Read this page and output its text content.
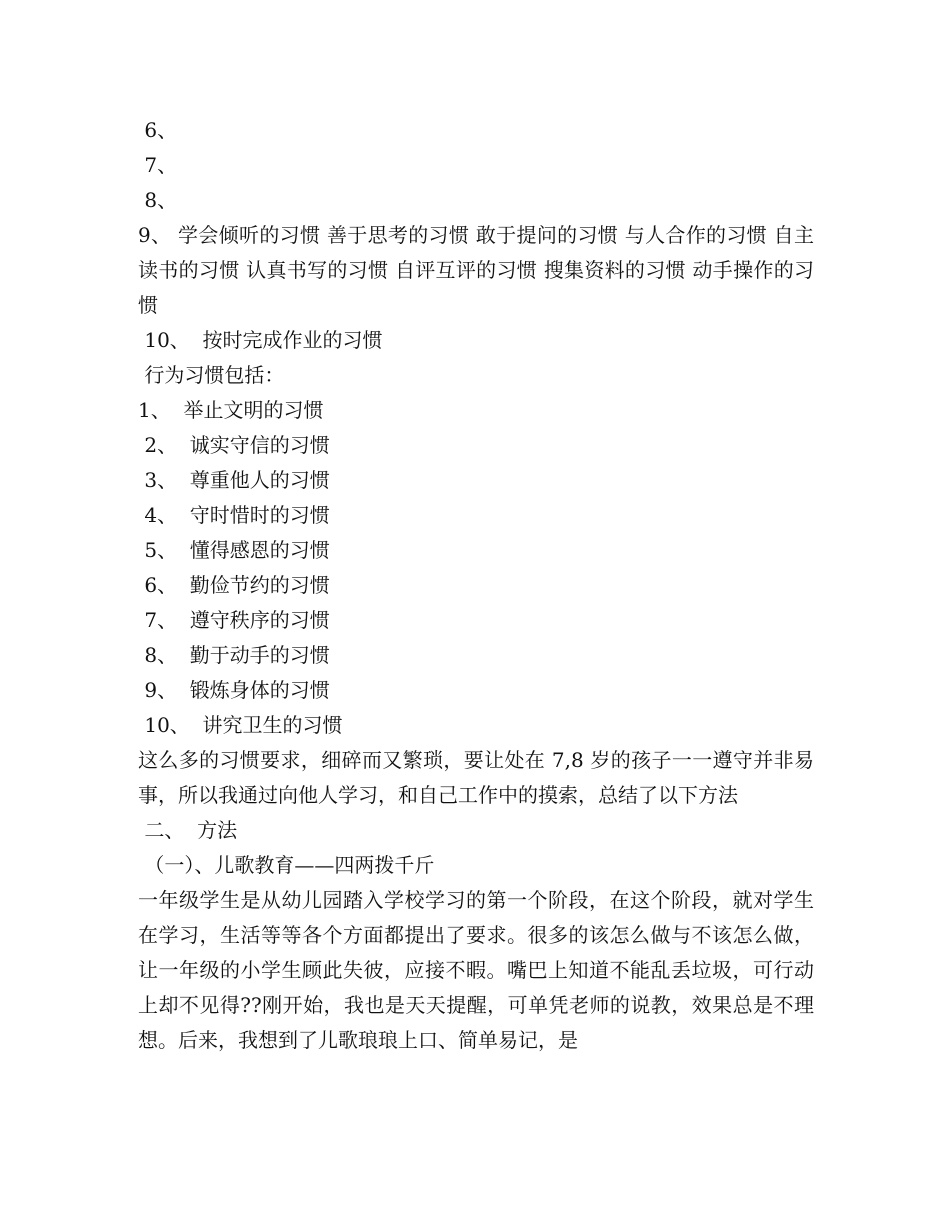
6、

7、

8、

9、 学会倾听的习惯 善于思考的习惯 敢于提问的习惯 与人合作的习惯 自主读书的习惯 认真书写的习惯 自评互评的习惯 搜集资料的习惯 动手操作的习惯

10、  按时完成作业的习惯

行为习惯包括：

1、  举止文明的习惯

2、  诚实守信的习惯

3、  尊重他人的习惯

4、  守时惜时的习惯

5、  懂得感恩的习惯

6、  勤俭节约的习惯

7、  遵守秩序的习惯

8、  勤于动手的习惯

9、  锻炼身体的习惯

10、  讲究卫生的习惯

这么多的习惯要求，细碎而又繁琐，要让处在 7,8 岁的孩子一一遵守并非易事，所以我通过向他人学习，和自己工作中的摸索，总结了以下方法

二、  方法

（一）、儿歌教育——四两拨千斤

一年级学生是从幼儿园踏入学校学习的第一个阶段，在这个阶段，就对学生在学习，生活等等各个方面都提出了要求。很多的该怎么做与不该怎么做，让一年级的小学生顾此失彼，应接不暇。嘴巴上知道不能乱丢垃圾，可行动上却不见得??刚开始，我也是天天提醒，可单凭老师的说教，效果总是不理想。后来，我想到了儿歌琅琅上口、简单易记，是
